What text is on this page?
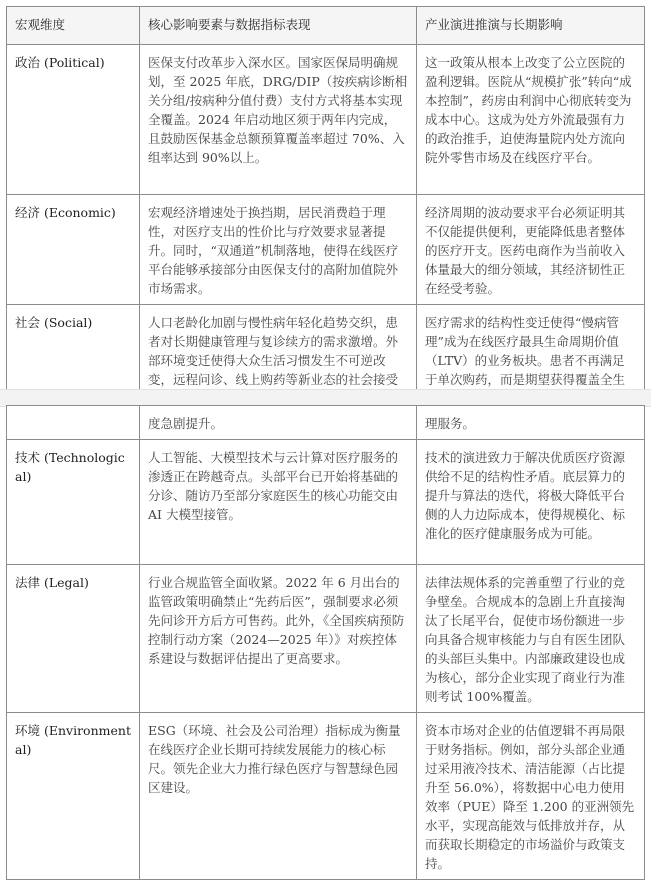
宏观维度	核心影响要素与数据指标表现	产业演进推演与长期影响
政治 (Political)	医保支付改革步入深水区。国家医保局明确规划，至 2025 年底，DRG/DIP（按疾病诊断相关分组/按病种分值付费）支付方式将基本实现全覆盖。2024 年启动地区须于两年内完成，且鼓励医保基金总额预算覆盖率超过 70%、入组率达到 90%以上。	这一政策从根本上改变了公立医院的盈利逻辑。医院从“规模扩张”转向“成本控制”，药房由利润中心彻底转变为成本中心。这成为处方外流最强有力的政治推手，迫使海量院内处方流向院外零售市场及在线医疗平台。
经济 (Economic)	宏观经济增速处于换挡期，居民消费趋于理性，对医疗支出的性价比与疗效要求显著提升。同时，“双通道”机制落地，使得在线医疗平台能够承接部分由医保支付的高附加值院外市场需求。	经济周期的波动要求平台必须证明其不仅能提供便利，更能降低患者整体的医疗开支。医药电商作为当前收入体量最大的细分领域，其经济韧性正在经受考验。
社会 (Social)	人口老龄化加剧与慢性病年轻化趋势交织，患者对长期健康管理与复诊续方的需求激增。外部环境变迁使得大众生活习惯发生不可逆改变，远程问诊、线上购药等新业态的社会接受	医疗需求的结构性变迁使得“慢病管理”成为在线医疗最具生命周期价值（LTV）的业务板块。患者不再满足于单次购药，而是期望获得覆盖全生
	度急剧提升。	理服务。
技术 (Technological)	人工智能、大模型技术与云计算对医疗服务的渗透正在跨越奇点。头部平台已开始将基础的分诊、随访乃至部分家庭医生的核心功能交由 AI 大模型接管。	技术的演进致力于解决优质医疗资源供给不足的结构性矛盾。底层算力的提升与算法的迭代，将极大降低平台侧的人力边际成本，使得规模化、标准化的医疗健康服务成为可能。
法律 (Legal)	行业合规监管全面收紧。2022 年 6 月出台的监管政策明确禁止“先药后医”，强制要求必须先问诊开方后方可售药。此外，《全国疾病预防控制行动方案（2024—2025 年）》对疾控体系建设与数据评估提出了更高要求。	法律法规体系的完善重塑了行业的竞争壁垒。合规成本的急剧上升直接淘汰了长尾平台，促使市场份额进一步向具备合规审核能力与自有医生团队的头部巨头集中。内部廉政建设也成为核心，部分企业实现了商业行为准则考试 100%覆盖。
环境 (Environmental)	ESG（环境、社会及公司治理）指标成为衡量在线医疗企业长期可持续发展能力的核心标尺。领先企业大力推行绿色医疗与智慧绿色园区建设。	资本市场对企业的估值逻辑不再局限于财务指标。例如，部分头部企业通过采用液冷技术、清洁能源（占比提升至 56.0%），将数据中心电力使用效率（PUE）降至 1.200 的亚洲领先水平，实现高能效与低排放并存，从而获取长期稳定的市场溢价与政策支持。
